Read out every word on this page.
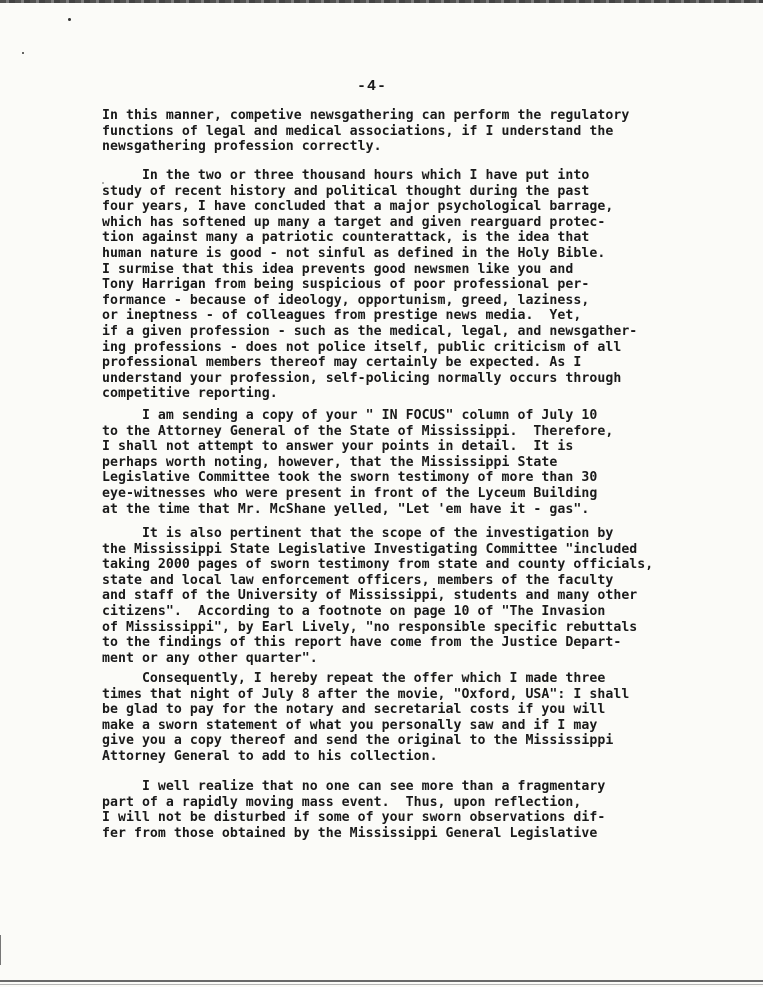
-4-
In this manner, competive newsgathering can perform the regulatory
functions of legal and medical associations, if I understand the
newsgathering profession correctly.
In the two or three thousand hours which I have put into
study of recent history and political thought during the past
four years, I have concluded that a major psychological barrage,
which has softened up many a target and given rearguard protec-
tion against many a patriotic counterattack, is the idea that
human nature is good - not sinful as defined in the Holy Bible.
I surmise that this idea prevents good newsmen like you and
Tony Harrigan from being suspicious of poor professional per-
formance - because of ideology, opportunism, greed, laziness,
or ineptness - of colleagues from prestige news media.  Yet,
if a given profession - such as the medical, legal, and newsgather-
ing professions - does not police itself, public criticism of all
professional members thereof may certainly be expected. As I
understand your profession, self-policing normally occurs through
competitive reporting.
I am sending a copy of your " IN FOCUS" column of July 10
to the Attorney General of the State of Mississippi.  Therefore,
I shall not attempt to answer your points in detail.  It is
perhaps worth noting, however, that the Mississippi State
Legislative Committee took the sworn testimony of more than 30
eye-witnesses who were present in front of the Lyceum Building
at the time that Mr. McShane yelled, "Let 'em have it - gas".
It is also pertinent that the scope of the investigation by
the Mississippi State Legislative Investigating Committee "included
taking 2000 pages of sworn testimony from state and county officials,
state and local law enforcement officers, members of the faculty
and staff of the University of Mississippi, students and many other
citizens".  According to a footnote on page 10 of "The Invasion
of Mississippi", by Earl Lively, "no responsible specific rebuttals
to the findings of this report have come from the Justice Depart-
ment or any other quarter".
Consequently, I hereby repeat the offer which I made three
times that night of July 8 after the movie, "Oxford, USA": I shall
be glad to pay for the notary and secretarial costs if you will
make a sworn statement of what you personally saw and if I may
give you a copy thereof and send the original to the Mississippi
Attorney General to add to his collection.
I well realize that no one can see more than a fragmentary
part of a rapidly moving mass event.  Thus, upon reflection,
I will not be disturbed if some of your sworn observations dif-
fer from those obtained by the Mississippi General Legislative
